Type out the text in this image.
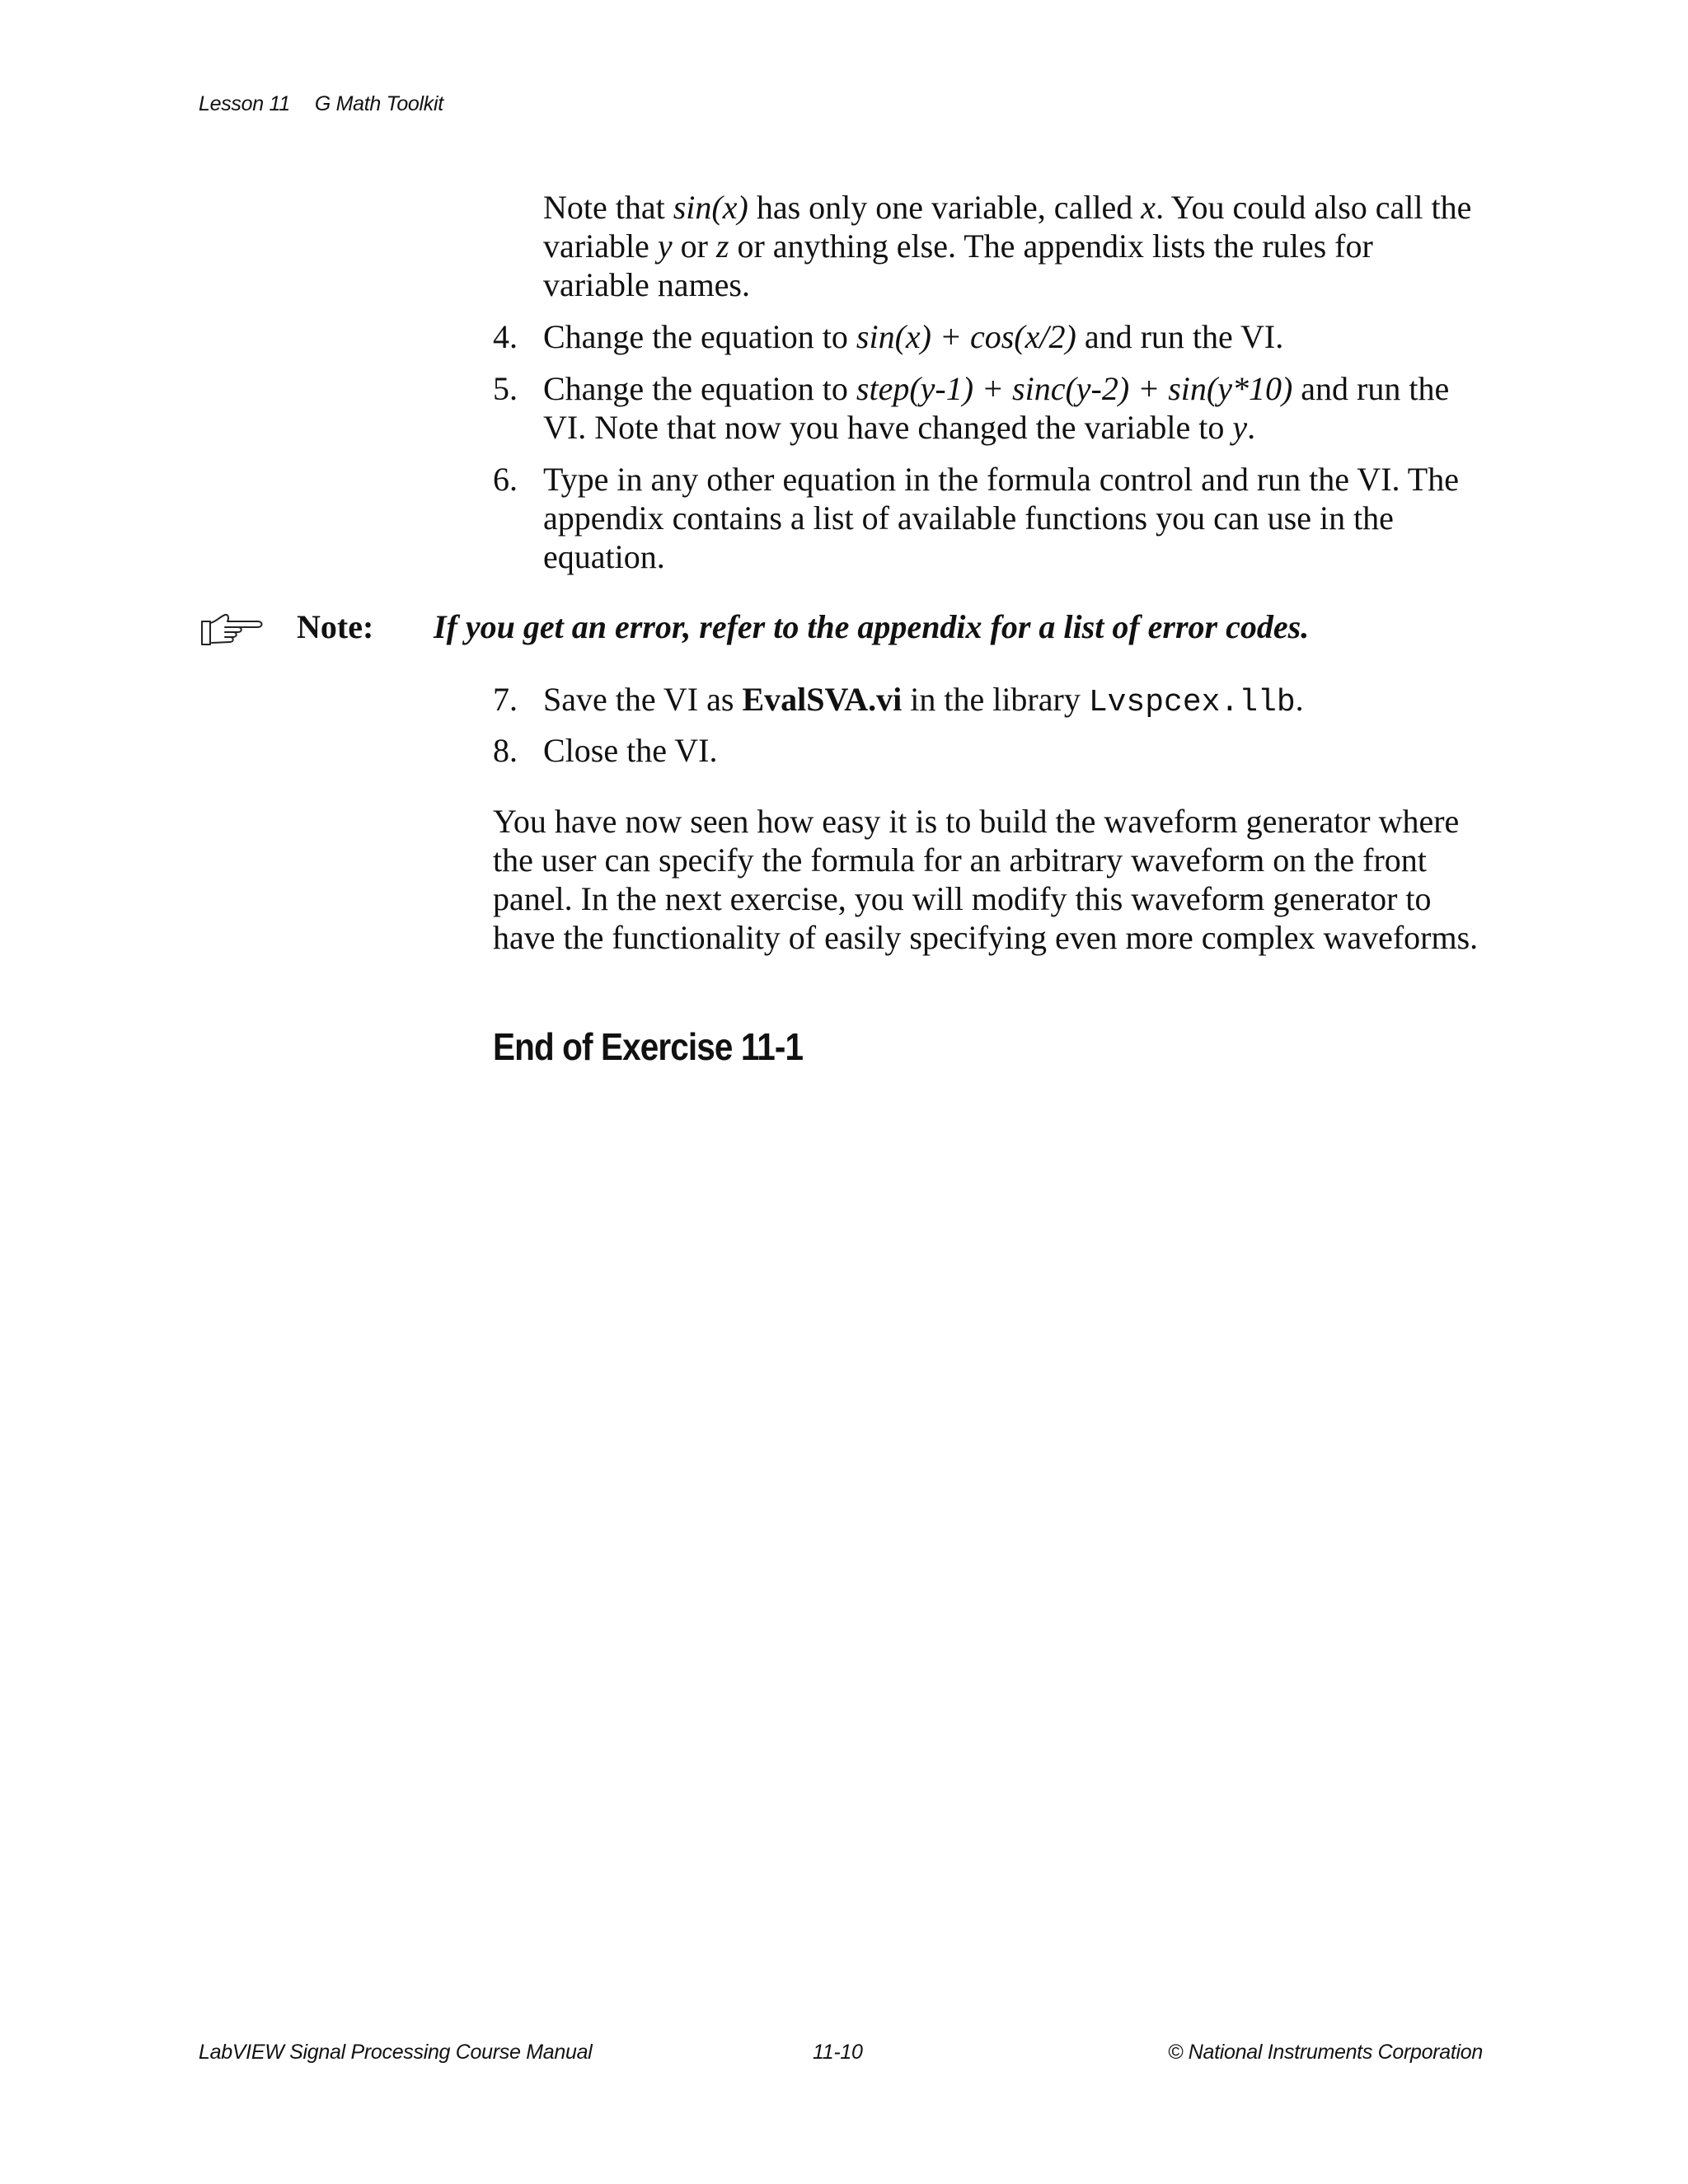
Lesson 11 G Math Toolkit
Note that sin(x) has only one variable, called x. You could also call the variable y or z or anything else. The appendix lists the rules for variable names.
4. Change the equation to sin(x) + cos(x/2) and run the VI.
5. Change the equation to step(y-1) + sinc(y-2) + sin(y*10) and run the VI. Note that now you have changed the variable to y.
6. Type in any other equation in the formula control and run the VI. The appendix contains a list of available functions you can use in the equation.
Note: If you get an error, refer to the appendix for a list of error codes.
7. Save the VI as EvalSVA.vi in the library Lvspcex.llb.
8. Close the VI.
You have now seen how easy it is to build the waveform generator where the user can specify the formula for an arbitrary waveform on the front panel. In the next exercise, you will modify this waveform generator to have the functionality of easily specifying even more complex waveforms.
End of Exercise 11-1
LabVIEW Signal Processing Course Manual	11-10	© National Instruments Corporation
